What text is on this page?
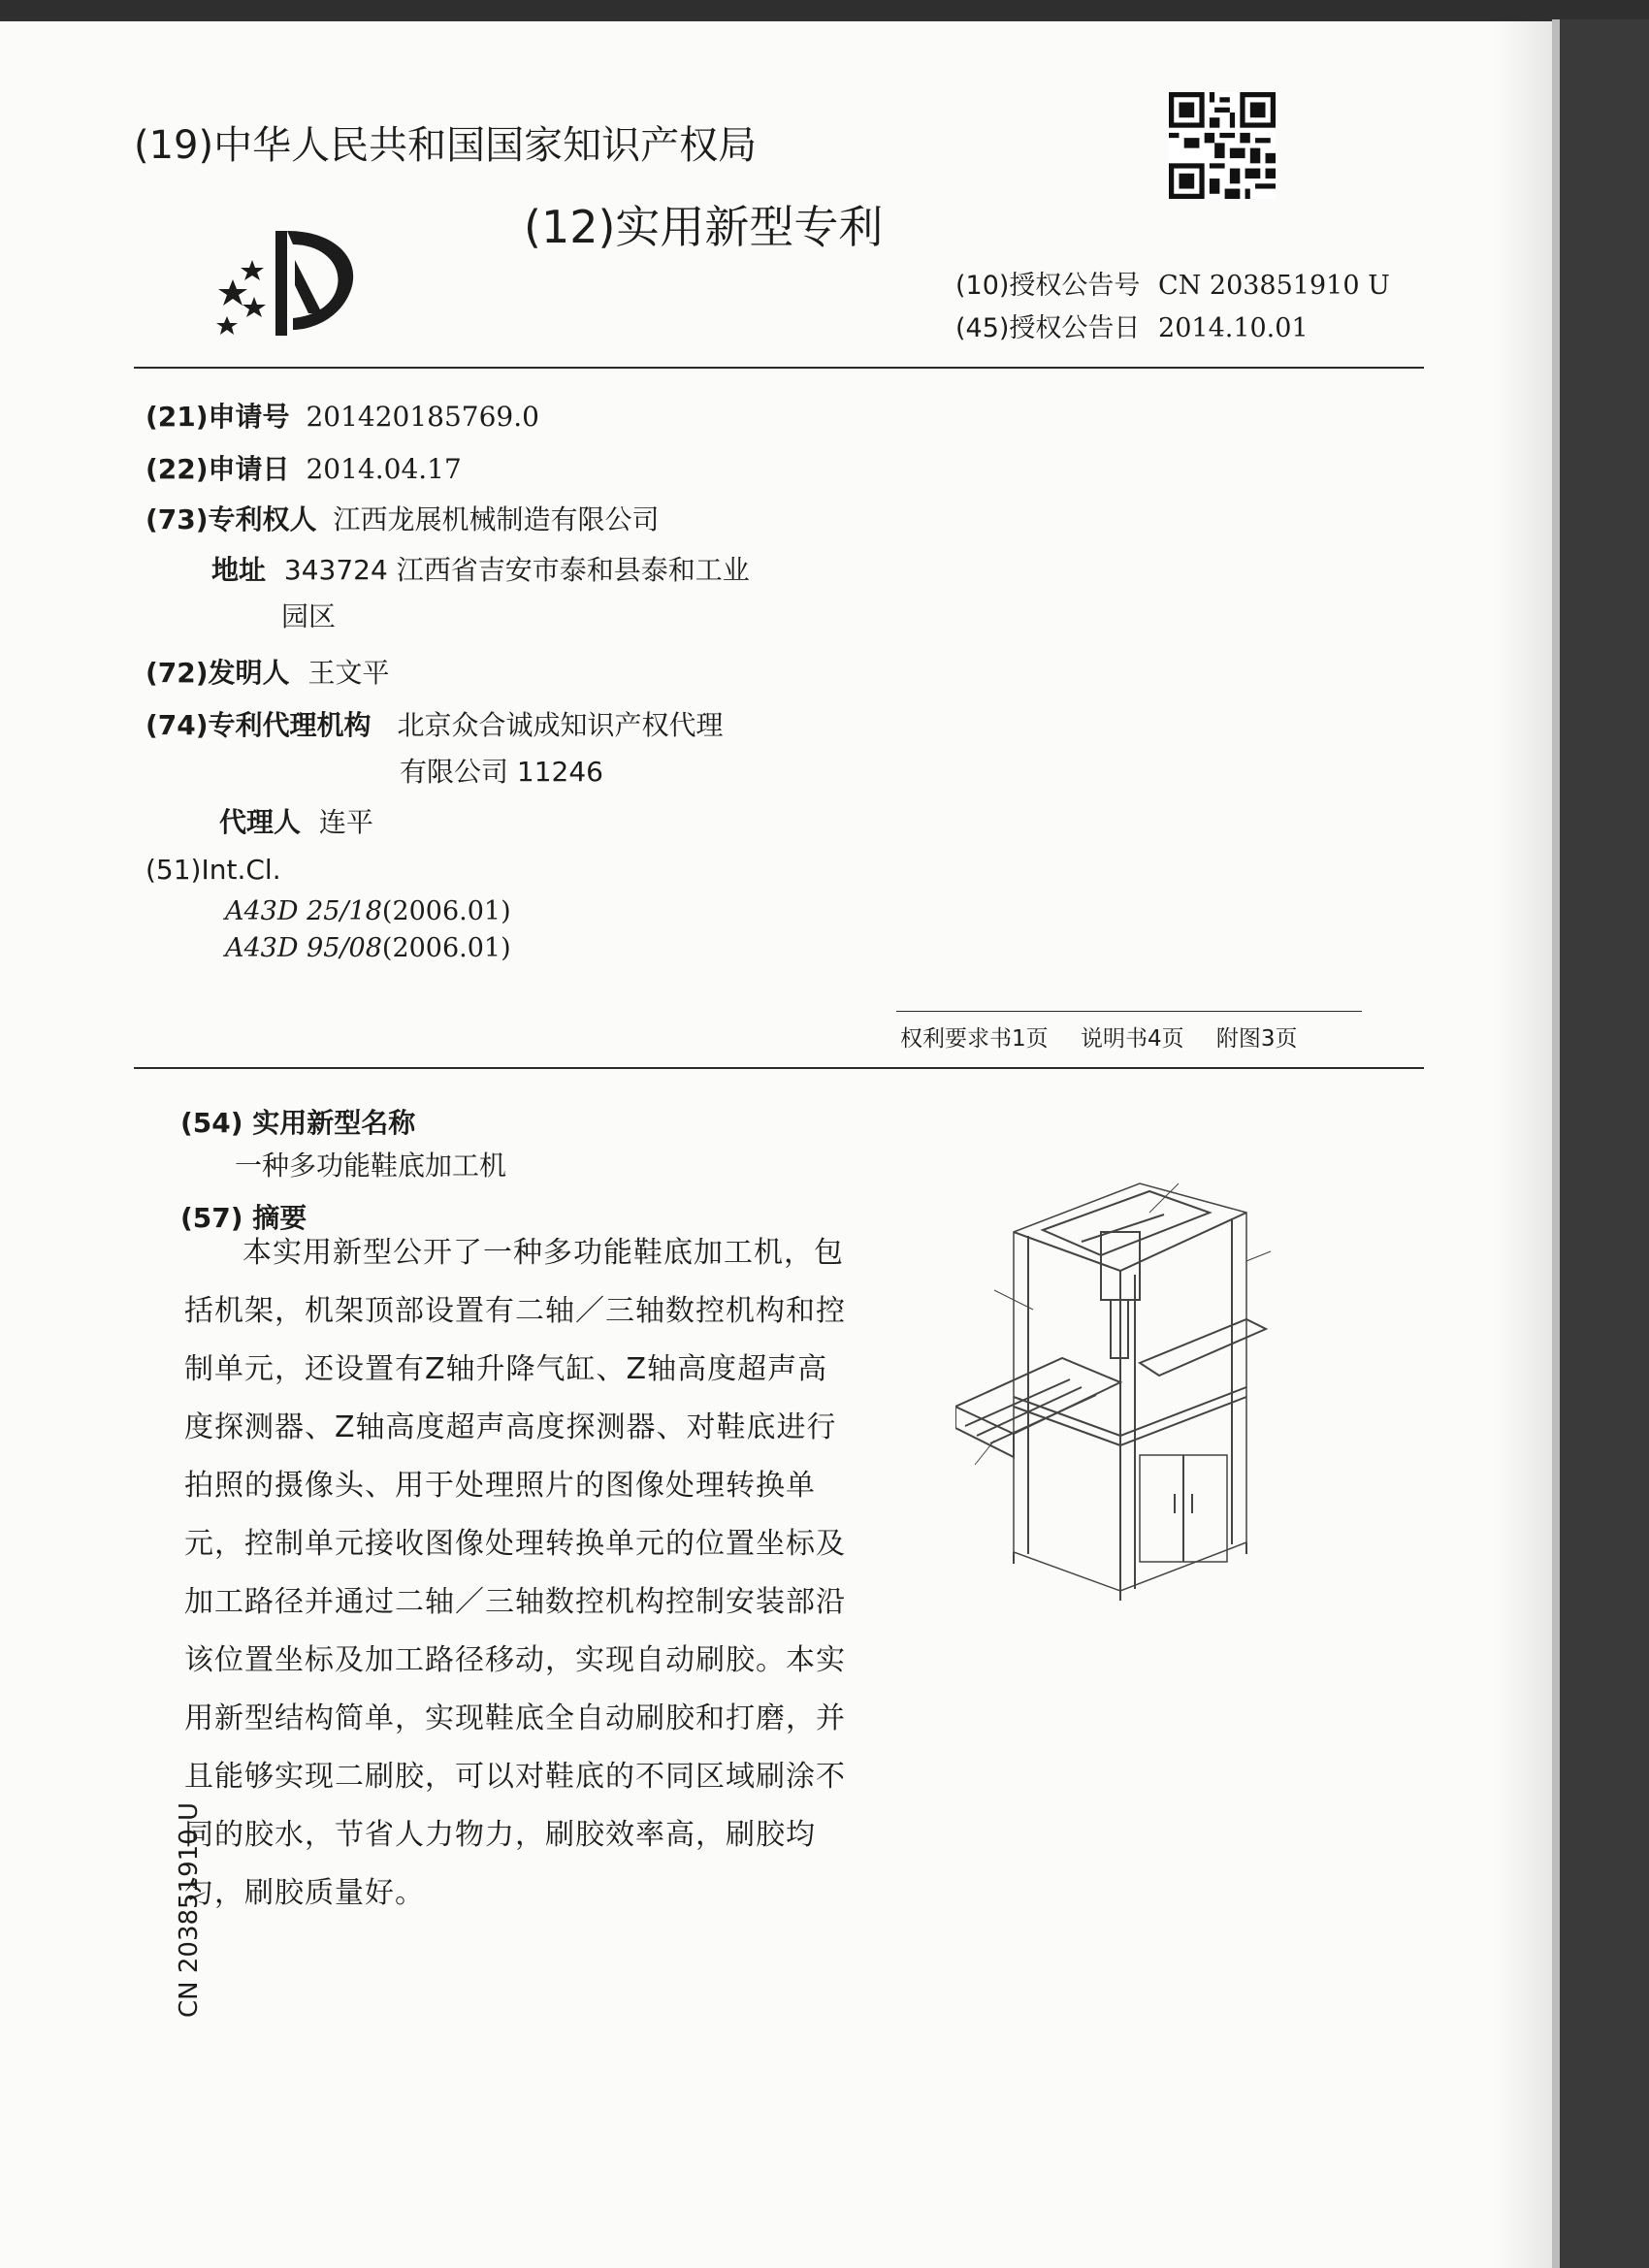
(19)中华人民共和国国家知识产权局
(12)实用新型专利
(10)授权公告号 CN 203851910 U
(45)授权公告日 2014.10.01
(21)申请号 201420185769.0
(22)申请日 2014.04.17
(73)专利权人 江西龙展机械制造有限公司
地址 343724 江西省吉安市泰和县泰和工业
园区
(72)发明人 王文平
(74)专利代理机构 北京众合诚成知识产权代理
有限公司 11246
代理人 连平
(51)Int.Cl.
A43D 25/18(2006.01)
A43D 95/08(2006.01)
权利要求书1页 说明书4页 附图3页
(54) 实用新型名称
一种多功能鞋底加工机
(57) 摘要
本实用新型公开了一种多功能鞋底加工机，包括机架，机架顶部设置有二轴／三轴数控机构和控制单元，还设置有Z轴升降气缸、Z轴高度超声高度探测器、Z轴高度超声高度探测器、对鞋底进行拍照的摄像头、用于处理照片的图像处理转换单元，控制单元接收图像处理转换单元的位置坐标及加工路径并通过二轴／三轴数控机构控制安装部沿该位置坐标及加工路径移动，实现自动刷胶。本实用新型结构简单，实现鞋底全自动刷胶和打磨，并且能够实现二刷胶，可以对鞋底的不同区域刷涂不同的胶水，节省人力物力，刷胶效率高，刷胶均匀，刷胶质量好。
CN 203851910 U
